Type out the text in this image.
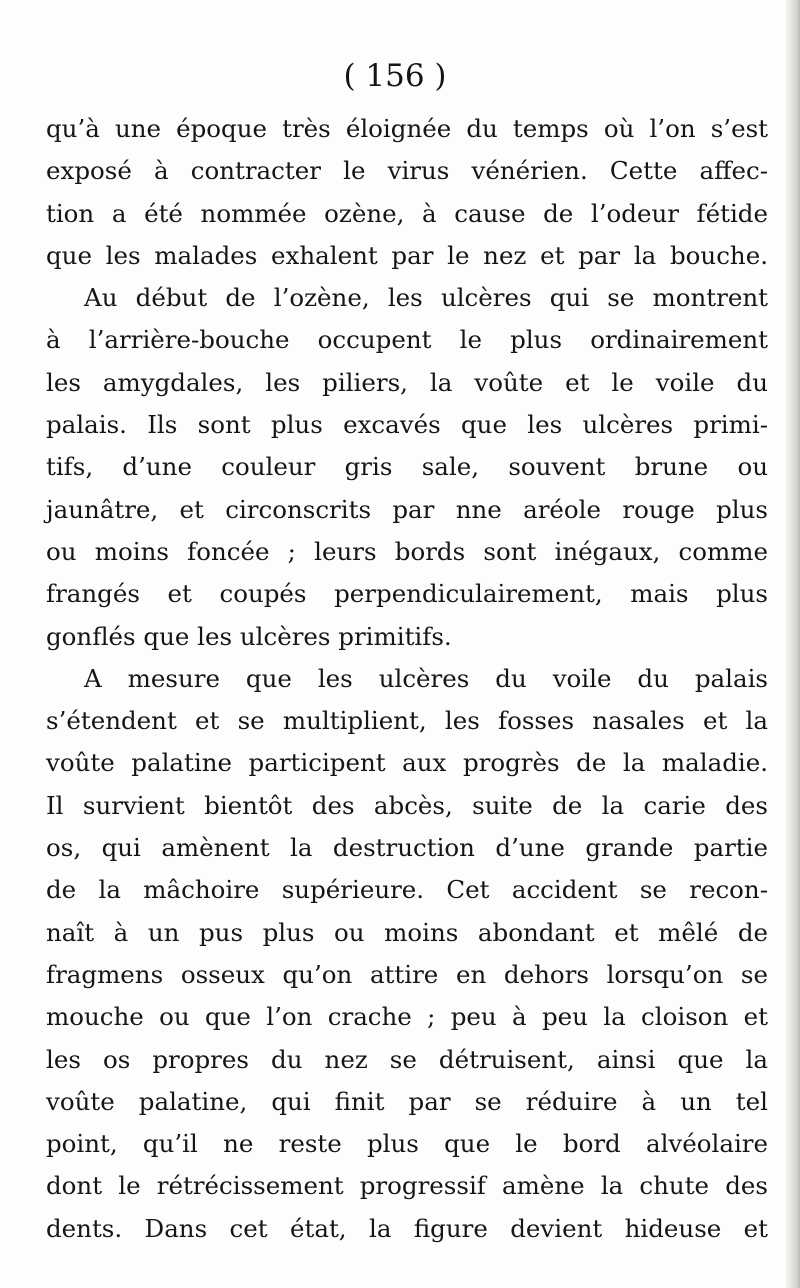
( 156 )
qu’à une époque très éloignée du temps où l’on s’est
exposé à contracter le virus vénérien. Cette affec-
tion a été nommée ozène, à cause de l’odeur fétide
que les malades exhalent par le nez et par la bouche.
Au début de l’ozène, les ulcères qui se montrent
à l’arrière-bouche occupent le plus ordinairement
les amygdales, les piliers, la voûte et le voile du
palais. Ils sont plus excavés que les ulcères primi-
tifs, d’une couleur gris sale, souvent brune ou
jaunâtre, et circonscrits par nne aréole rouge plus
ou moins foncée ; leurs bords sont inégaux, comme
frangés et coupés perpendiculairement, mais plus
gonflés que les ulcères primitifs.
A mesure que les ulcères du voile du palais
s’étendent et se multiplient, les fosses nasales et la
voûte palatine participent aux progrès de la maladie.
Il survient bientôt des abcès, suite de la carie des
os, qui amènent la destruction d’une grande partie
de la mâchoire supérieure. Cet accident se recon-
naît à un pus plus ou moins abondant et mêlé de
fragmens osseux qu’on attire en dehors lorsqu’on se
mouche ou que l’on crache ; peu à peu la cloison et
les os propres du nez se détruisent, ainsi que la
voûte palatine, qui finit par se réduire à un tel
point, qu’il ne reste plus que le bord alvéolaire
dont le rétrécissement progressif amène la chute des
dents. Dans cet état, la figure devient hideuse et
